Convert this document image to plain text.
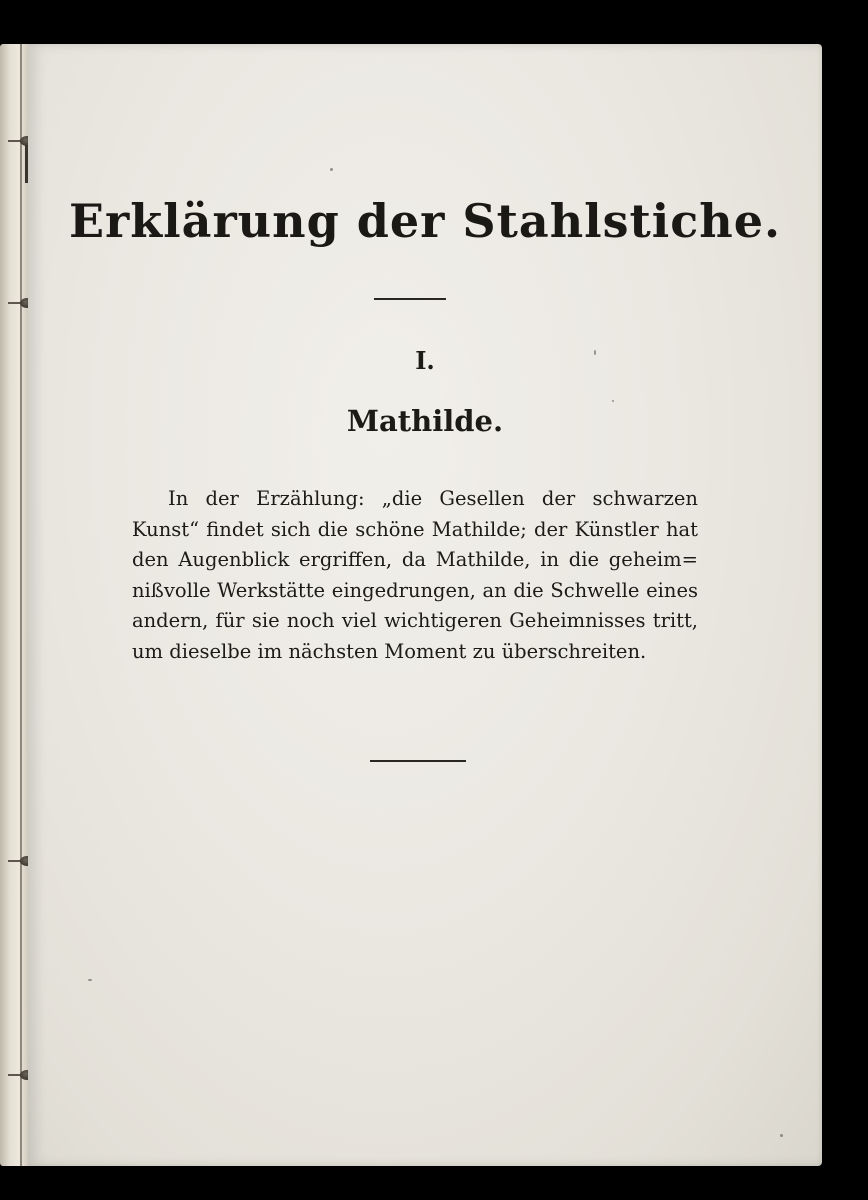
Erklärung der Stahlstiche.
I.
Mathilde.

In der Erzählung: „die Gesellen der schwarzen
Kunst“ findet sich die schöne Mathilde; der Künstler hat
den Augenblick ergriffen, da Mathilde, in die geheim=
nißvolle Werkstätte eingedrungen, an die Schwelle eines
andern, für sie noch viel wichtigeren Geheimnisses tritt,
um dieselbe im nächsten Moment zu überschreiten.
